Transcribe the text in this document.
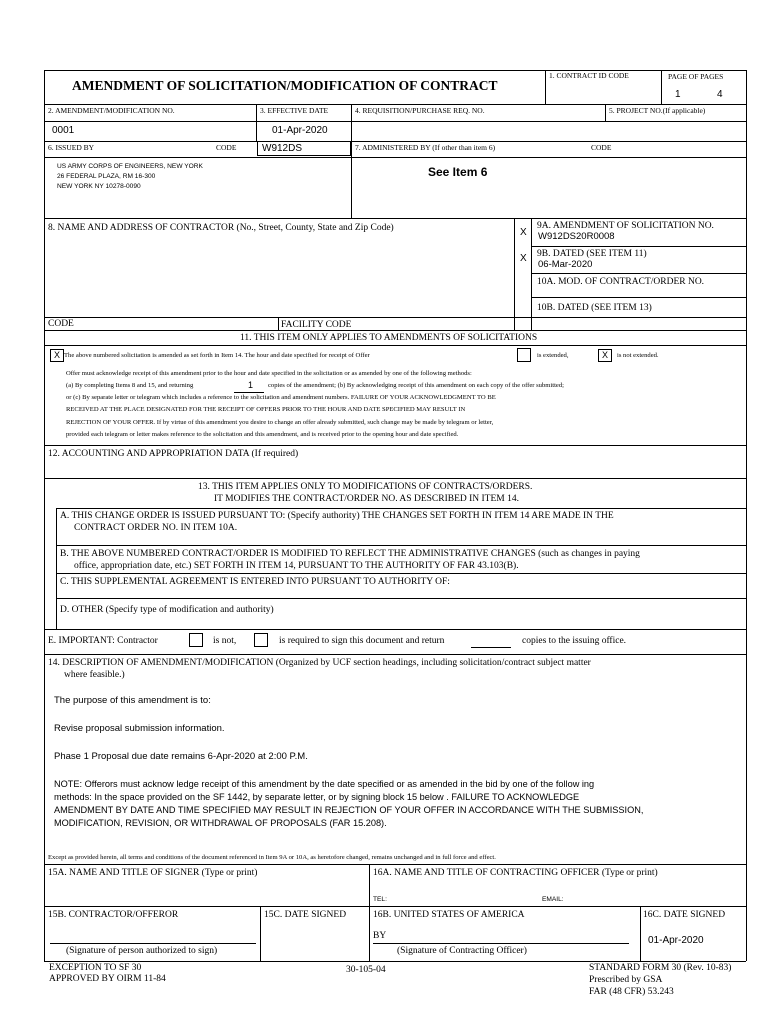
AMENDMENT OF SOLICITATION/MODIFICATION OF CONTRACT
1. CONTRACT ID CODE	PAGE OF PAGES
1	4
2. AMENDMENT/MODIFICATION NO.	3. EFFECTIVE DATE	4. REQUISITION/PURCHASE REQ. NO.	5. PROJECT NO.(If applicable)
0001	01-Apr-2020
6. ISSUED BY	CODE	W912DS	7. ADMINISTERED BY (If other than item 6)	CODE
US ARMY CORPS OF ENGINEERS, NEW YORK
26 FEDERAL PLAZA, RM 16-300
NEW YORK NY 10278-0090
See Item 6
8. NAME AND ADDRESS OF CONTRACTOR (No., Street, County, State and Zip Code)	X
9A. AMENDMENT OF SOLICITATION NO.
W912DS20R0008
X 9B. DATED (SEE ITEM 11)
06-Mar-2020
10A. MOD. OF CONTRACT/ORDER NO.
10B. DATED (SEE ITEM 13)
CODE	FACILITY CODE
11. THIS ITEM ONLY APPLIES TO AMENDMENTS OF SOLICITATIONS
X The above numbered solicitation is amended as set forth in Item 14. The hour and date specified for receipt of Offer	is extended,	X	is not extended.
Offer must acknowledge receipt of this amendment prior to the hour and date specified in the solicitation or as amended by one of the following methods:
(a) By completing Items 8 and 15, and returning	1 copies of the amendment; (b) By acknowledging receipt of this amendment on each copy of the offer submitted;
or (c) By separate letter or telegram which includes a reference to the solicitation and amendment numbers. FAILURE OF YOUR ACKNOWLEDGMENT TO BE
RECEIVED AT THE PLACE DESIGNATED FOR THE RECEIPT OF OFFERS PRIOR TO THE HOUR AND DATE SPECIFIED MAY RESULT IN
REJECTION OF YOUR OFFER. If by virtue of this amendment you desire to change an offer already submitted, such change may be made by telegram or letter,
provided each telegram or letter makes reference to the solicitation and this amendment, and is received prior to the opening hour and date specified.
12. ACCOUNTING AND APPROPRIATION DATA (If required)
13. THIS ITEM APPLIES ONLY TO MODIFICATIONS OF CONTRACTS/ORDERS.
IT MODIFIES THE CONTRACT/ORDER NO. AS DESCRIBED IN ITEM 14.
A. THIS CHANGE ORDER IS ISSUED PURSUANT TO: (Specify authority) THE CHANGES SET FORTH IN ITEM 14 ARE MADE IN THE
CONTRACT ORDER NO. IN ITEM 10A.
B. THE ABOVE NUMBERED CONTRACT/ORDER IS MODIFIED TO REFLECT THE ADMINISTRATIVE CHANGES (such as changes in paying
office, appropriation date, etc.) SET FORTH IN ITEM 14, PURSUANT TO THE AUTHORITY OF FAR 43.103(B).
C. THIS SUPPLEMENTAL AGREEMENT IS ENTERED INTO PURSUANT TO AUTHORITY OF:
D. OTHER (Specify type of modification and authority)
E. IMPORTANT: Contractor	is not,	is required to sign this document and return	copies to the issuing office.
14. DESCRIPTION OF AMENDMENT/MODIFICATION (Organized by UCF section headings, including solicitation/contract subject matter
where feasible.)
The purpose of this amendment is to:
Revise proposal submission information.
Phase 1 Proposal due date remains 6-Apr-2020 at 2:00 P.M.
NOTE: Offerors must acknow ledge receipt of this amendment by the date specified or as amended in the bid by one of the follow ing
methods: In the space provided on the SF 1442, by separate letter, or by signing block 15 below . FAILURE TO ACKNOWLEDGE
AMENDMENT BY DATE AND TIME SPECIFIED MAY RESULT IN REJECTION OF YOUR OFFER IN ACCORDANCE WITH THE SUBMISSION,
MODIFICATION, REVISION, OR WITHDRAWAL OF PROPOSALS (FAR 15.208).
Except as provided herein, all terms and conditions of the document referenced in Item 9A or 10A, as heretofore changed, remains unchanged and in full force and effect.
15A. NAME AND TITLE OF SIGNER (Type or print)	16A. NAME AND TITLE OF CONTRACTING OFFICER (Type or print)
TEL:	EMAIL:
15B. CONTRACTOR/OFFEROR	15C. DATE SIGNED	16B. UNITED STATES OF AMERICA	16C. DATE SIGNED
BY	01-Apr-2020
(Signature of person authorized to sign)	(Signature of Contracting Officer)
EXCEPTION TO SF 30
APPROVED BY OIRM 11-84
30-105-04	STANDARD FORM 30 (Rev. 10-83)
Prescribed by GSA
FAR (48 CFR) 53.243
